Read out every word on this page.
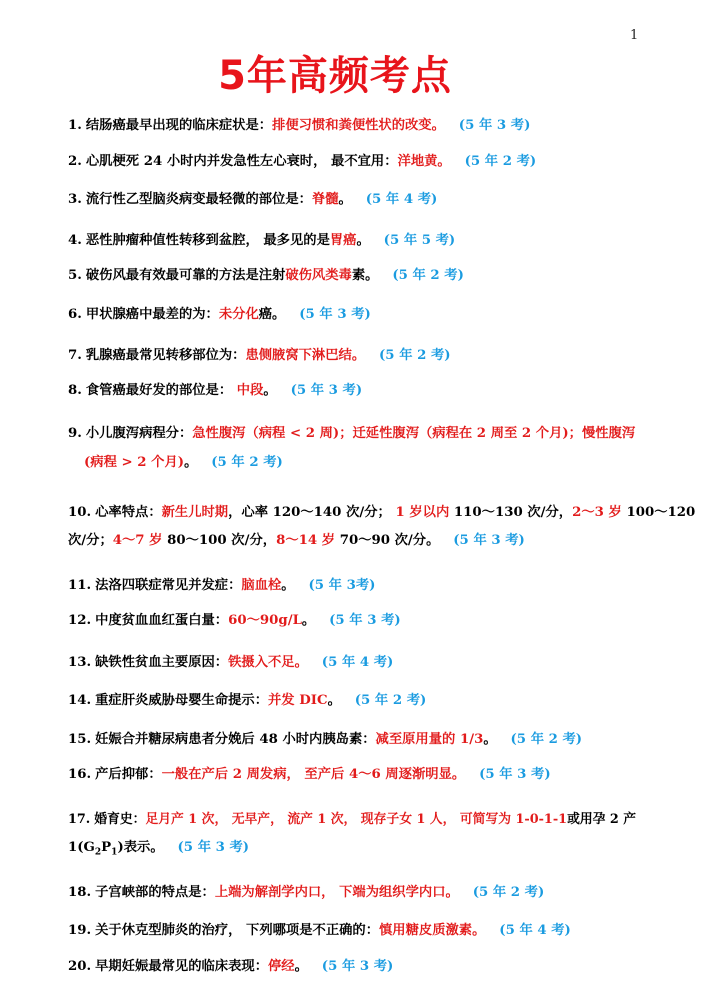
1
5年高频考点
1. 结肠癌最早出现的临床症状是：排便习惯和粪便性状的改变。 (5 年 3 考)
2. 心肌梗死 24 小时内并发急性左心衰时， 最不宜用：洋地黄。 (5 年 2 考)
3. 流行性乙型脑炎病变最轻微的部位是：脊髓。 (5 年 4 考)
4. 恶性肿瘤种值性转移到盆腔， 最多见的是胃癌。 (5 年 5 考)
5. 破伤风最有效最可靠的方法是注射破伤风类毒素。 (5 年 2 考)
6. 甲状腺癌中最差的为：未分化癌。 (5 年 3 考)
7. 乳腺癌最常见转移部位为：患侧腋窝下淋巴结。 (5 年 2 考)
8. 食管癌最好发的部位是： 中段。 (5 年 3 考)
9. 小儿腹泻病程分：急性腹泻（病程 < 2 周)；迁延性腹泻（病程在 2 周至 2 个月)；慢性腹泻
(病程 > 2 个月)。 (5 年 2 考)
10. 心率特点：新生儿时期，心率 120～140 次/分； 1 岁以内 110～130 次/分，2～3 岁 100～120
次/分；4～7 岁 80～100 次/分，8～14 岁 70～90 次/分。 (5 年 3 考)
11. 法洛四联症常见并发症：脑血栓。 (5 年 3考)
12. 中度贫血血红蛋白量：60～90g/L。 (5 年 3 考)
13. 缺铁性贫血主要原因：铁摄入不足。 (5 年 4 考)
14. 重症肝炎威胁母婴生命提示：并发 DIC。 (5 年 2 考)
15. 妊娠合并糖尿病患者分娩后 48 小时内胰岛素：减至原用量的 1/3。 (5 年 2 考)
16. 产后抑郁：一般在产后 2 周发病， 至产后 4～6 周逐渐明显。 (5 年 3 考)
17. 婚育史：足月产 1 次， 无早产， 流产 1 次， 现存子女 1 人， 可简写为 1-0-1-1或用孕 2 产
$1(G_2P_1)$表示。 (5 年 3 考)
18. 子宫峡部的特点是：上端为解剖学内口， 下端为组织学内口。 (5 年 2 考)
19. 关于休克型肺炎的治疗， 下列哪项是不正确的：慎用糖皮质激素。 (5 年 4 考)
20. 早期妊娠最常见的临床表现：停经。 (5 年 3 考)
